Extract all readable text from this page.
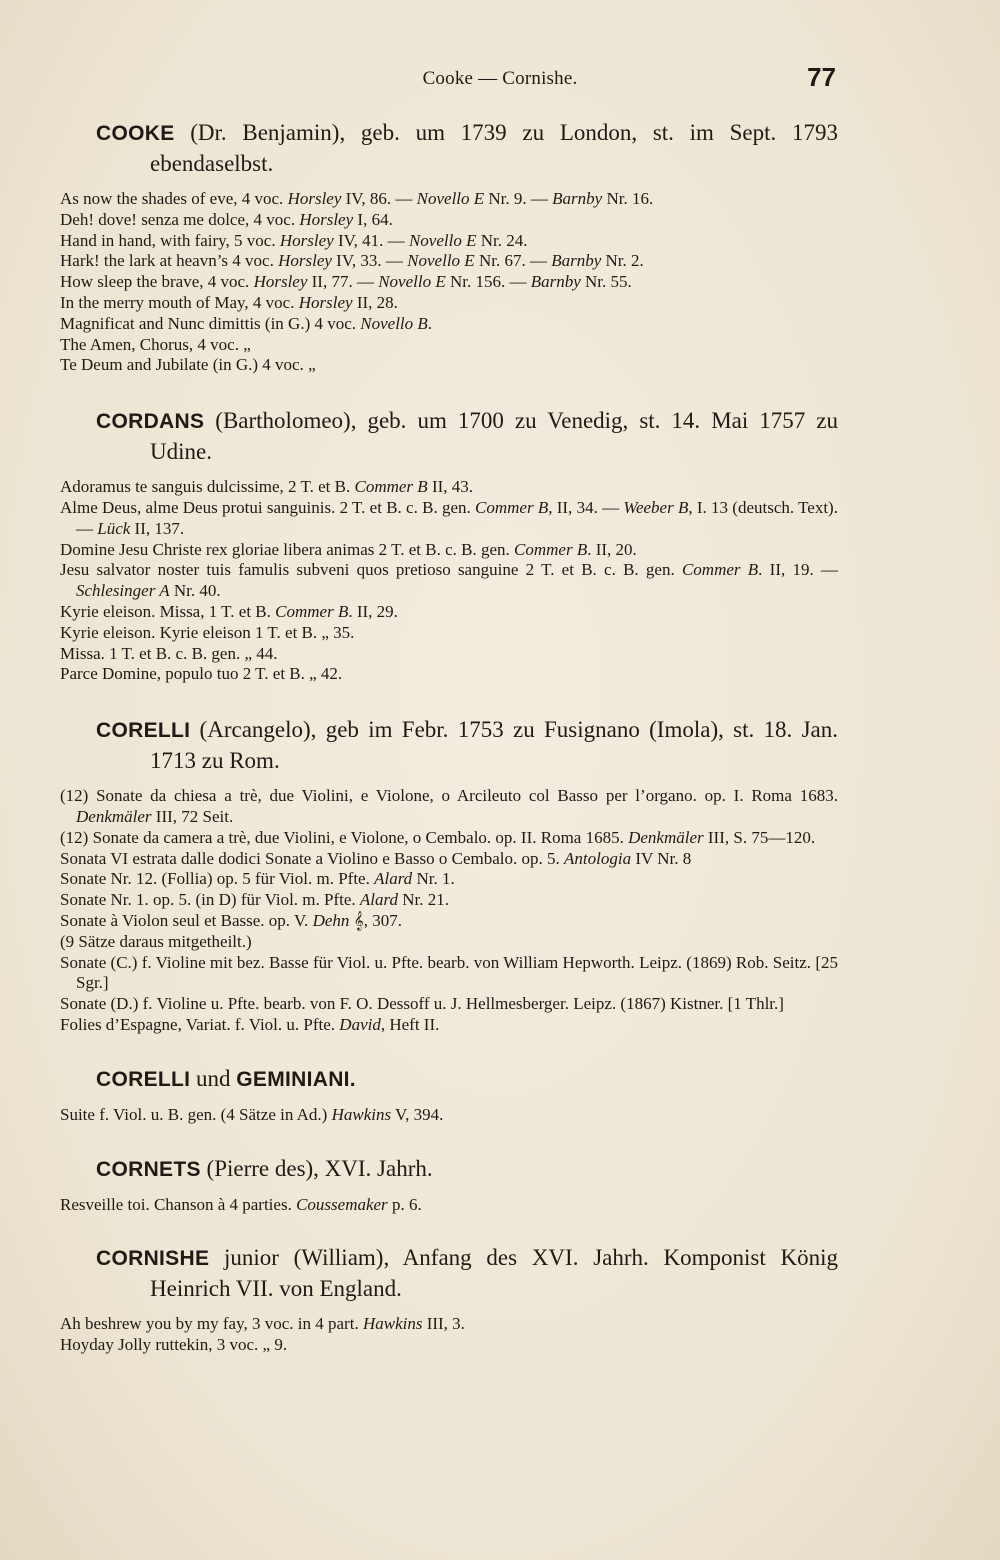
Cooke — Cornishe.	77

COOKE (Dr. Benjamin), geb. um 1739 zu London, st. im Sept. 1793 ebendaselbst.

As now the shades of eve, 4 voc. Horsley IV, 86. — Novello E Nr. 9. — Barnby Nr. 16.
Deh! dove! senza me dolce, 4 voc. Horsley I, 64.
Hand in hand, with fairy, 5 voc. Horsley IV, 41. — Novello E Nr. 24.
Hark! the lark at heavn’s 4 voc. Horsley IV, 33. — Novello E Nr. 67. — Barnby Nr. 2.
How sleep the brave, 4 voc. Horsley II, 77. — Novello E Nr. 156. — Barnby Nr. 55.
In the merry mouth of May, 4 voc. Horsley II, 28.
Magnificat and Nunc dimittis (in G.) 4 voc. Novello B.
The Amen, Chorus, 4 voc. „
Te Deum and Jubilate (in G.) 4 voc. „

CORDANS (Bartholomeo), geb. um 1700 zu Venedig, st. 14. Mai 1757 zu Udine.

Adoramus te sanguis dulcissime, 2 T. et B. Commer B II, 43.
Alme Deus, alme Deus protui sanguinis. 2 T. et B. c. B. gen. Commer B, II, 34. — Weeber B, I. 13 (deutsch. Text). — Lück II, 137.
Domine Jesu Christe rex gloriae libera animas 2 T. et B. c. B. gen. Commer B. II, 20.
Jesu salvator noster tuis famulis subveni quos pretioso sanguine 2 T. et B. c. B. gen. Commer B. II, 19. — Schlesinger A Nr. 40.
Kyrie eleison. Missa, 1 T. et B. Commer B. II, 29.
Kyrie eleison. Kyrie eleison 1 T. et B. „ 35.
Missa. 1 T. et B. c. B. gen. „ 44.
Parce Domine, populo tuo 2 T. et B. „ 42.

CORELLI (Arcangelo), geb im Febr. 1753 zu Fusignano (Imola), st. 18. Jan. 1713 zu Rom.

(12) Sonate da chiesa a trè, due Violini, e Violone, o Arcileuto col Basso per l’organo. op. I. Roma 1683. Denkmäler III, 72 Seit.
(12) Sonate da camera a trè, due Violini, e Violone, o Cembalo. op. II. Roma 1685. Denkmäler III, S. 75—120.
Sonata VI estrata dalle dodici Sonate a Violino e Basso o Cembalo. op. 5. Antologia IV Nr. 8
Sonate Nr. 12. (Follia) op. 5 für Viol. m. Pfte. Alard Nr. 1.
Sonate Nr. 1. op. 5. (in D) für Viol. m. Pfte. Alard Nr. 21.
Sonate à Violon seul et Basse. op. V. Dehn 𝄞, 307.
(9 Sätze daraus mitgetheilt.)
Sonate (C.) f. Violine mit bez. Basse für Viol. u. Pfte. bearb. von William Hepworth. Leipz. (1869) Rob. Seitz. [25 Sgr.]
Sonate (D.) f. Violine u. Pfte. bearb. von F. O. Dessoff u. J. Hellmesberger. Leipz. (1867) Kistner. [1 Thlr.]
Folies d’Espagne, Variat. f. Viol. u. Pfte. David, Heft II.

CORELLI und GEMINIANI.

Suite f. Viol. u. B. gen. (4 Sätze in Ad.) Hawkins V, 394.

CORNETS (Pierre des), XVI. Jahrh.

Resveille toi. Chanson à 4 parties. Coussemaker p. 6.

CORNISHE junior (William), Anfang des XVI. Jahrh. Komponist König Heinrich VII. von England.

Ah beshrew you by my fay, 3 voc. in 4 part. Hawkins III, 3.
Hoyday Jolly ruttekin, 3 voc. „ 9.
